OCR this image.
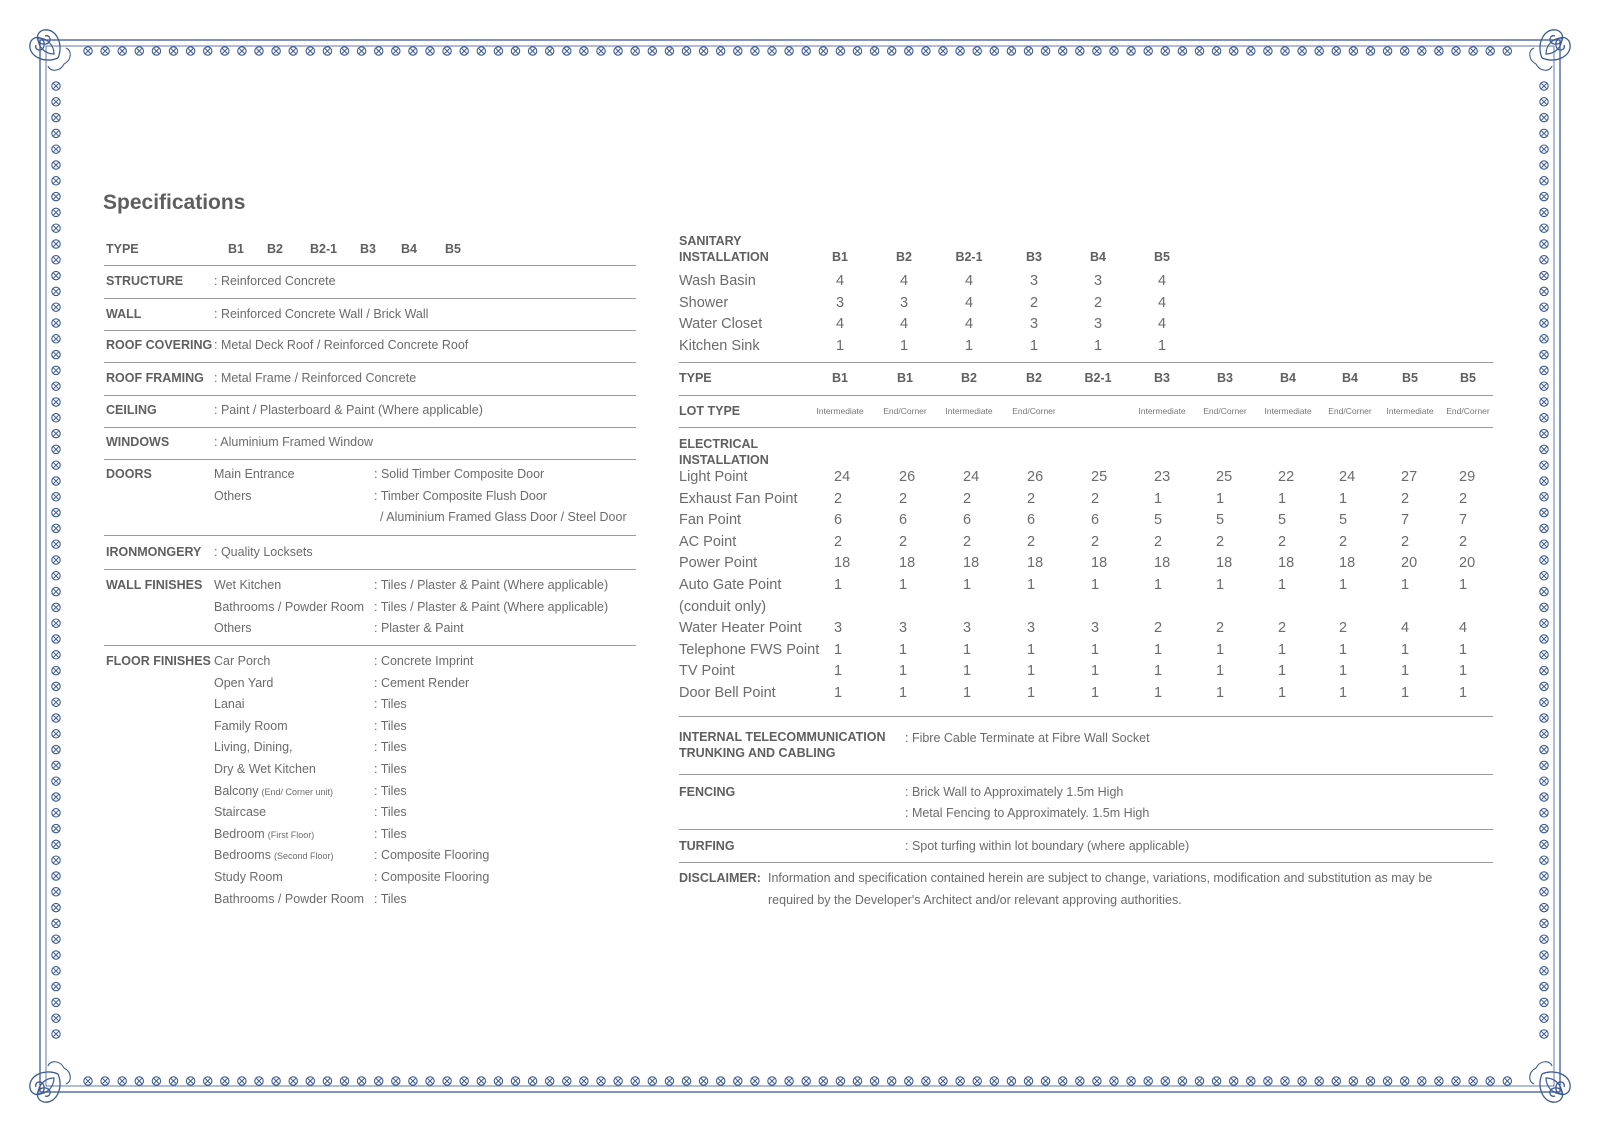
Specifications
TYPE	B1 B2 B2-1 B3 B4 B5
STRUCTURE : Reinforced Concrete
WALL	: Reinforced Concrete Wall / Brick Wall
ROOF COVERING : Metal Deck Roof / Reinforced Concrete Roof
ROOF FRAMING : Metal Frame / Reinforced Concrete
CEILING	: Paint / Plasterboard & Paint (Where applicable)
WINDOWS	: Aluminium Framed Window
DOORS	Main Entrance	: Solid Timber Composite Door
Others	: Timber Composite Flush Door
/ Aluminium Framed Glass Door / Steel Door
IRONMONGERY : Quality Locksets
WALL FINISHES Wet Kitchen	: Tiles / Plaster & Paint (Where applicable)
Bathrooms / Powder Room : Tiles / Plaster & Paint (Where applicable)
Others	: Plaster & Paint
FLOOR FINISHES Car Porch	: Concrete Imprint
Open Yard	: Cement Render
Lanai	: Tiles
Family Room	: Tiles
Living, Dining,	: Tiles
Dry & Wet Kitchen	: Tiles
Balcony (End/ Corner unit)	: Tiles
Staircase	: Tiles
Bedroom (First Floor)	: Tiles
Bedrooms (Second Floor)	: Composite Flooring
Study Room	: Composite Flooring
Bathrooms / Powder Room : Tiles
SANITARY
INSTALLATION	B1	B2	B2-1	B3	B4	B5
Wash Basin	4	4	4	3	3	4
Shower	3	3	4	2	2	4
Water Closet	4	4	4	3	3	4
Kitchen Sink	1	1	1	1	1	1
TYPE	B1	B1	B2	B2	B2-1	B3	B3	B4	B4	B5	B5
LOT TYPE	Intermediate End/Corner Intermediate End/Corner	Intermediate End/Corner Intermediate End/Corner Intermediate End/Corner
ELECTRICAL
INSTALLATION
Light Point	24	26	24	26	25	23	25	22	24	27	29
Exhaust Fan Point	2	2	2	2	2	1	1	1	1	2	2
Fan Point	6	6	6	6	6	5	5	5	5	7	7
AC Point	2	2	2	2	2	2	2	2	2	2	2
Power Point	18	18	18	18	18	18	18	18	18	20	20
Auto Gate Point	1	1	1	1	1	1	1	1	1	1	1
(conduit only)
Water Heater Point 3	3	3	3	3	2	2	2	2	4	4
Telephone FWS Point 1	1	1	1	1	1	1	1	1	1	1
TV Point	1	1	1	1	1	1	1	1	1	1	1
Door Bell Point	1	1	1	1	1	1	1	1	1	1	1
INTERNAL TELECOMMUNICATION
TRUNKING AND CABLING
: Fibre Cable Terminate at Fibre Wall Socket
FENCING	: Brick Wall to Approximately 1.5m High
: Metal Fencing to Approximately. 1.5m High
TURFING	: Spot turfing within lot boundary (where applicable)
DISCLAIMER: Information and specification contained herein are subject to change, variations, modification and substitution as may be
required by the Developer's Architect and/or relevant approving authorities.
